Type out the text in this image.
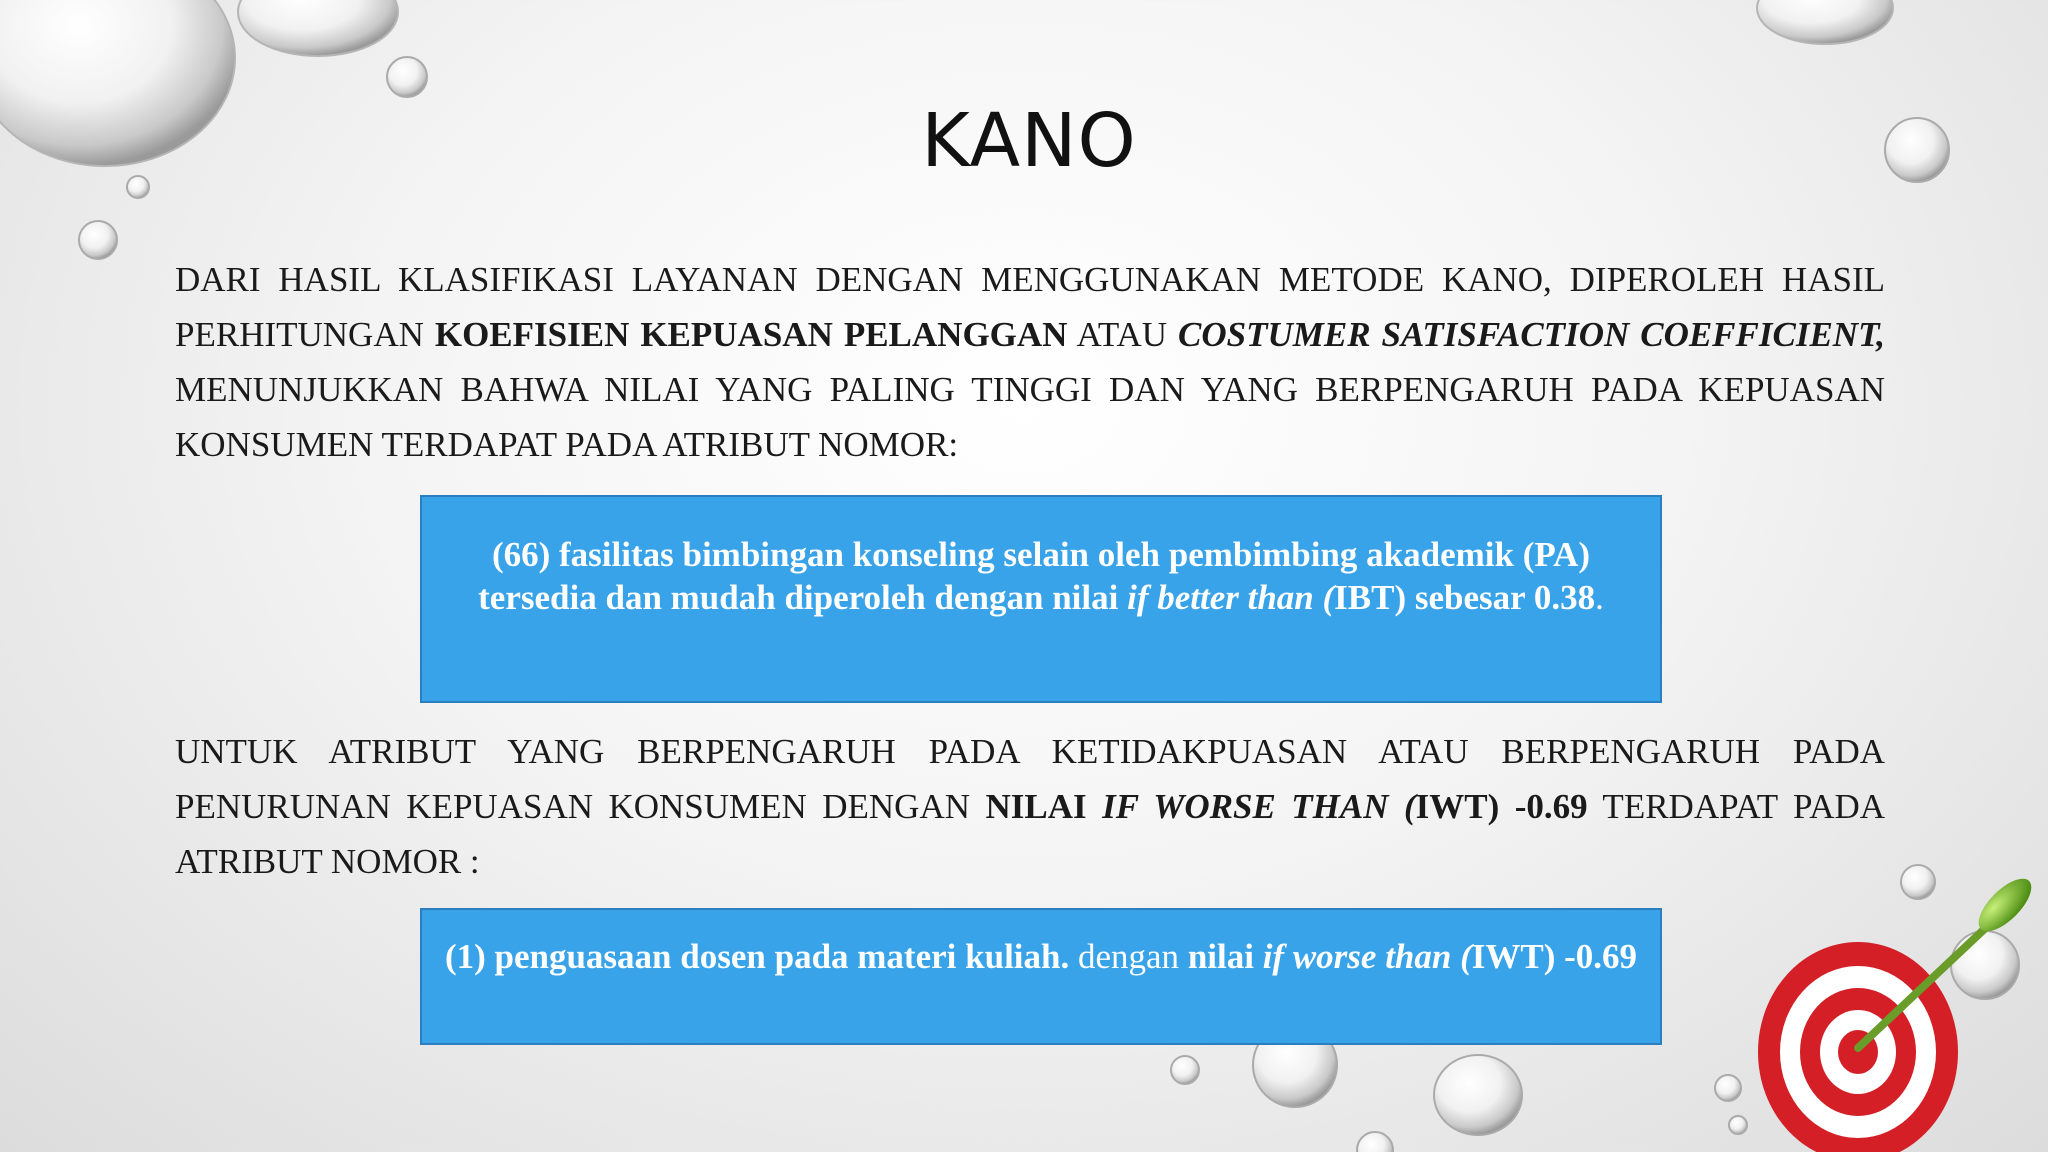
KANO
DARI HASIL KLASIFIKASI LAYANAN DENGAN MENGGUNAKAN METODE KANO, DIPEROLEH HASIL PERHITUNGAN KOEFISIEN KEPUASAN PELANGGAN ATAU COSTUMER SATISFACTION COEFFICIENT, MENUNJUKKAN BAHWA NILAI YANG PALING TINGGI DAN YANG BERPENGARUH PADA KEPUASAN KONSUMEN TERDAPAT PADA ATRIBUT NOMOR:
(66) fasilitas bimbingan konseling selain oleh pembimbing akademik (PA) tersedia dan mudah diperoleh dengan nilai if better than (IBT) sebesar 0.38.
UNTUK ATRIBUT YANG BERPENGARUH PADA KETIDAKPUASAN ATAU BERPENGARUH PADA PENURUNAN KEPUASAN KONSUMEN DENGAN NILAI IF WORSE THAN (IWT) -0.69 TERDAPAT PADA ATRIBUT NOMOR :
(1) penguasaan dosen pada materi kuliah. dengan nilai if worse than (IWT) -0.69
